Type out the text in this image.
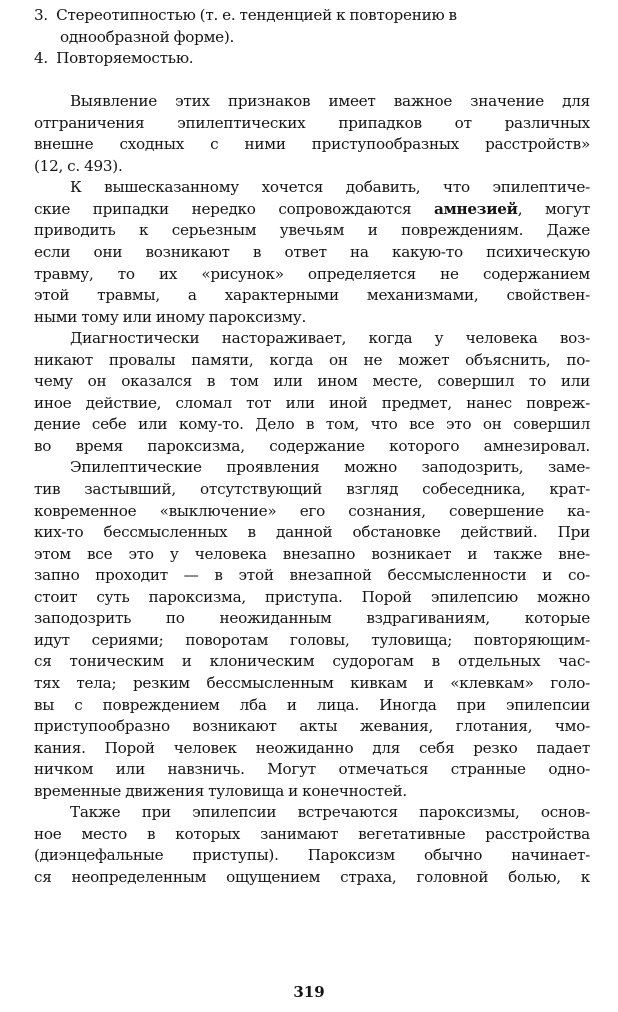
3. Стереотипностью (т. е. тенденцией к повторению в
однообразной форме).
4. Повторяемостью.
Выявление этих признаков имеет важное значение для
отграничения эпилептических припадков от различных
внешне сходных с ними приступообразных расстройств»
(12, с. 493).
К вышесказанному хочется добавить, что эпилептиче-
ские припадки нередко сопровождаются амнезией, могут
приводить к серьезным увечьям и повреждениям. Даже
если они возникают в ответ на какую-то психическую
травму, то их «рисунок» определяется не содержанием
этой травмы, а характерными механизмами, свойствен-
ными тому или иному пароксизму.
Диагностически настораживает, когда у человека воз-
никают провалы памяти, когда он не может объяснить, по-
чему он оказался в том или ином месте, совершил то или
иное действие, сломал тот или иной предмет, нанес повреж-
дение себе или кому-то. Дело в том, что все это он совершил
во время пароксизма, содержание которого амнезировал.
Эпилептические проявления можно заподозрить, заме-
тив застывший, отсутствующий взгляд собеседника, крат-
ковременное «выключение» его сознания, совершение ка-
ких-то бессмысленных в данной обстановке действий. При
этом все это у человека внезапно возникает и также вне-
запно проходит — в этой внезапной бессмысленности и со-
стоит суть пароксизма, приступа. Порой эпилепсию можно
заподозрить по неожиданным вздрагиваниям, которые
идут сериями; поворотам головы, туловища; повторяющим-
ся тоническим и клоническим судорогам в отдельных час-
тях тела; резким бессмысленным кивкам и «клевкам» голо-
вы с повреждением лба и лица. Иногда при эпилепсии
приступообразно возникают акты жевания, глотания, чмо-
кания. Порой человек неожиданно для себя резко падает
ничком или навзничь. Могут отмечаться странные одно-
временные движения туловища и конечностей.
Также при эпилепсии встречаются пароксизмы, основ-
ное место в которых занимают вегетативные расстройства
(диэнцефальные приступы). Пароксизм обычно начинает-
ся неопределенным ощущением страха, головной болью, к
319
